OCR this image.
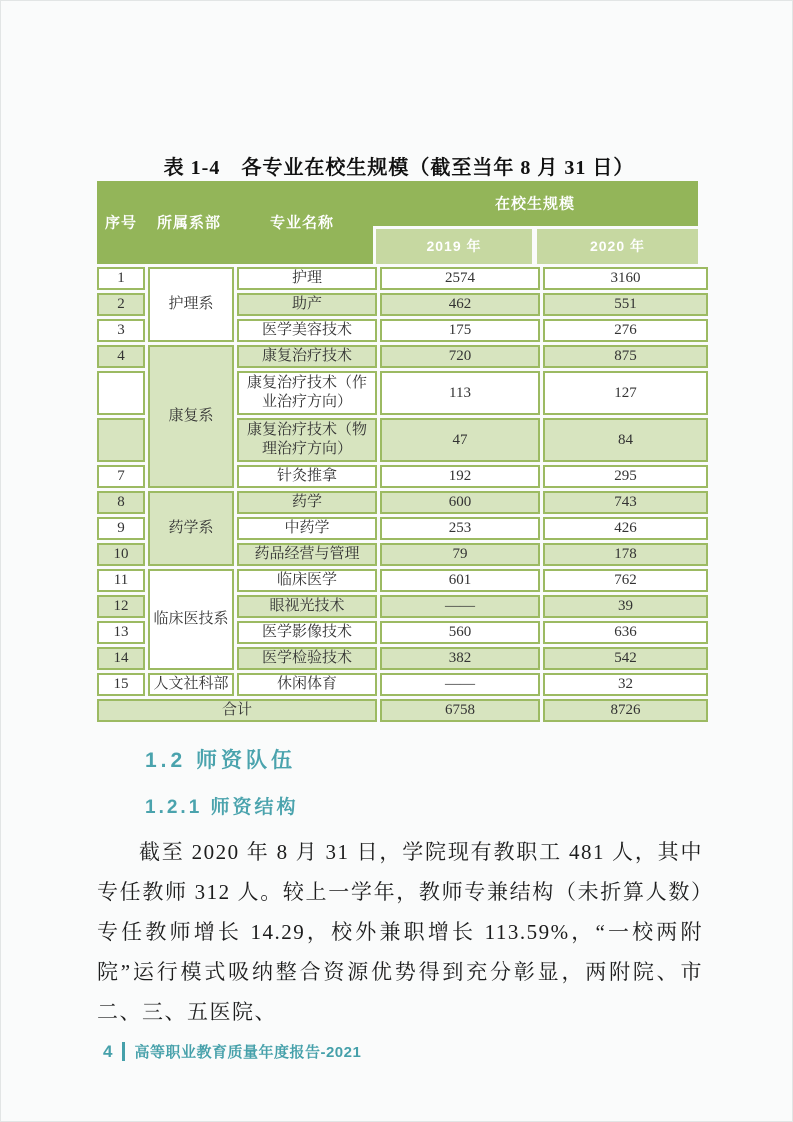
表 1-4　各专业在校生规模（截至当年 8 月 31 日）
序号 所属系部	专业名称
在校生规模
2019 年	2020 年
1	护理系	护理	2574	3160
2		助产	462	551
3		医学美容技术	175	276
4	康复系	康复治疗技术	720	875
		康复治疗技术（作业治疗方向）	113	127
		康复治疗技术（物理治疗方向）	47	84
7		针灸推拿	192	295
8	药学系	药学	600	743
9		中药学	253	426
10		药品经营与管理	79	178
11	临床医技系	临床医学	601	762
12		眼视光技术	——	39
13		医学影像技术	560	636
14		医学检验技术	382	542
15	人文社科部	休闲体育	——	32
合计			6758	8726
1.2 师资队伍
1.2.1 师资结构
截至 2020 年 8 月 31 日，学院现有教职工 481 人，其中专任教师 312 人。较上一学年，教师专兼结构（未折算人数）专任教师增长 14.29，校外兼职增长 113.59%，“一校两附院”运行模式吸纳整合资源优势得到充分彰显，两附院、市二、三、五医院、
4 高等职业教育质量年度报告-2021
